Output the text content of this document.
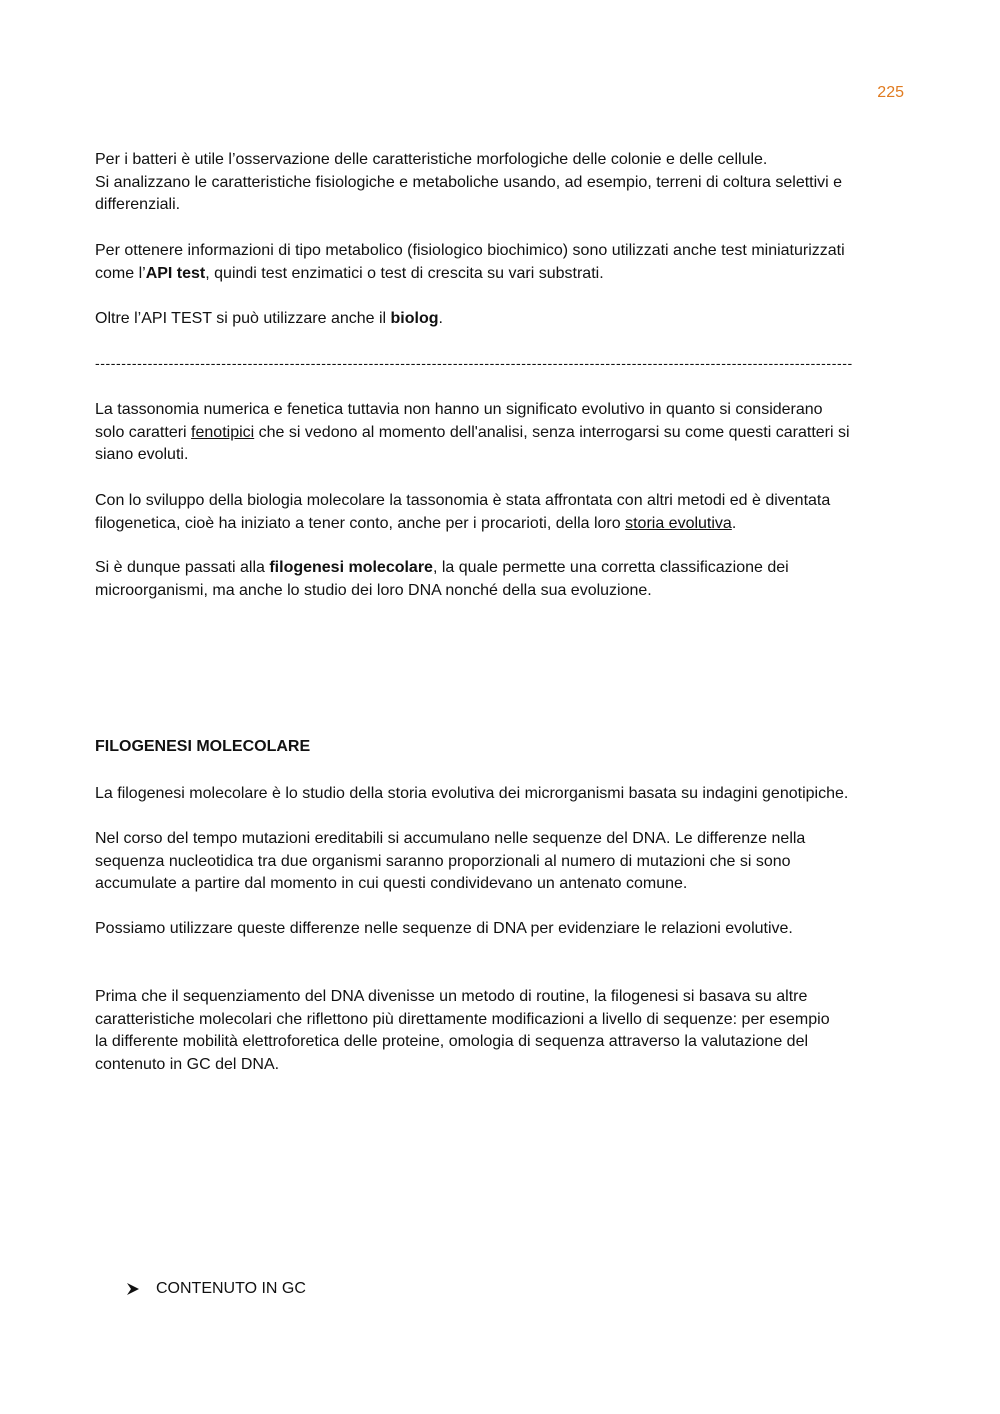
225

Per i batteri è utile l’osservazione delle caratteristiche morfologiche delle colonie e delle cellule.
Si analizzano le caratteristiche fisiologiche e metaboliche usando, ad esempio, terreni di coltura selettivi e
differenziali.

Per ottenere informazioni di tipo metabolico (fisiologico biochimico) sono utilizzati anche test miniaturizzati
come l’API test, quindi test enzimatici o test di crescita su vari substrati.

Oltre l’API TEST si può utilizzare anche il biolog.

------------------------------------------------------------------------------------------------------------------------------------------------

La tassonomia numerica e fenetica tuttavia non hanno un significato evolutivo in quanto si considerano
solo caratteri fenotipici che si vedono al momento dell'analisi, senza interrogarsi su come questi caratteri si
siano evoluti.

Con lo sviluppo della biologia molecolare la tassonomia è stata affrontata con altri metodi ed è diventata
filogenetica, cioè ha iniziato a tener conto, anche per i procarioti, della loro storia evolutiva.

Si è dunque passati alla filogenesi molecolare, la quale permette una corretta classificazione dei
microorganismi, ma anche lo studio dei loro DNA nonché della sua evoluzione.

FILOGENESI MOLECOLARE

La filogenesi molecolare è lo studio della storia evolutiva dei microrganismi basata su indagini genotipiche.

Nel corso del tempo mutazioni ereditabili si accumulano nelle sequenze del DNA. Le differenze nella
sequenza nucleotidica tra due organismi saranno proporzionali al numero di mutazioni che si sono
accumulate a partire dal momento in cui questi condividevano un antenato comune.

Possiamo utilizzare queste differenze nelle sequenze di DNA per evidenziare le relazioni evolutive.

Prima che il sequenziamento del DNA divenisse un metodo di routine, la filogenesi si basava su altre
caratteristiche molecolari che riflettono più direttamente modificazioni a livello di sequenze: per esempio
la differente mobilità elettroforetica delle proteine, omologia di sequenza attraverso la valutazione del
contenuto in GC del DNA.

CONTENUTO IN GC
